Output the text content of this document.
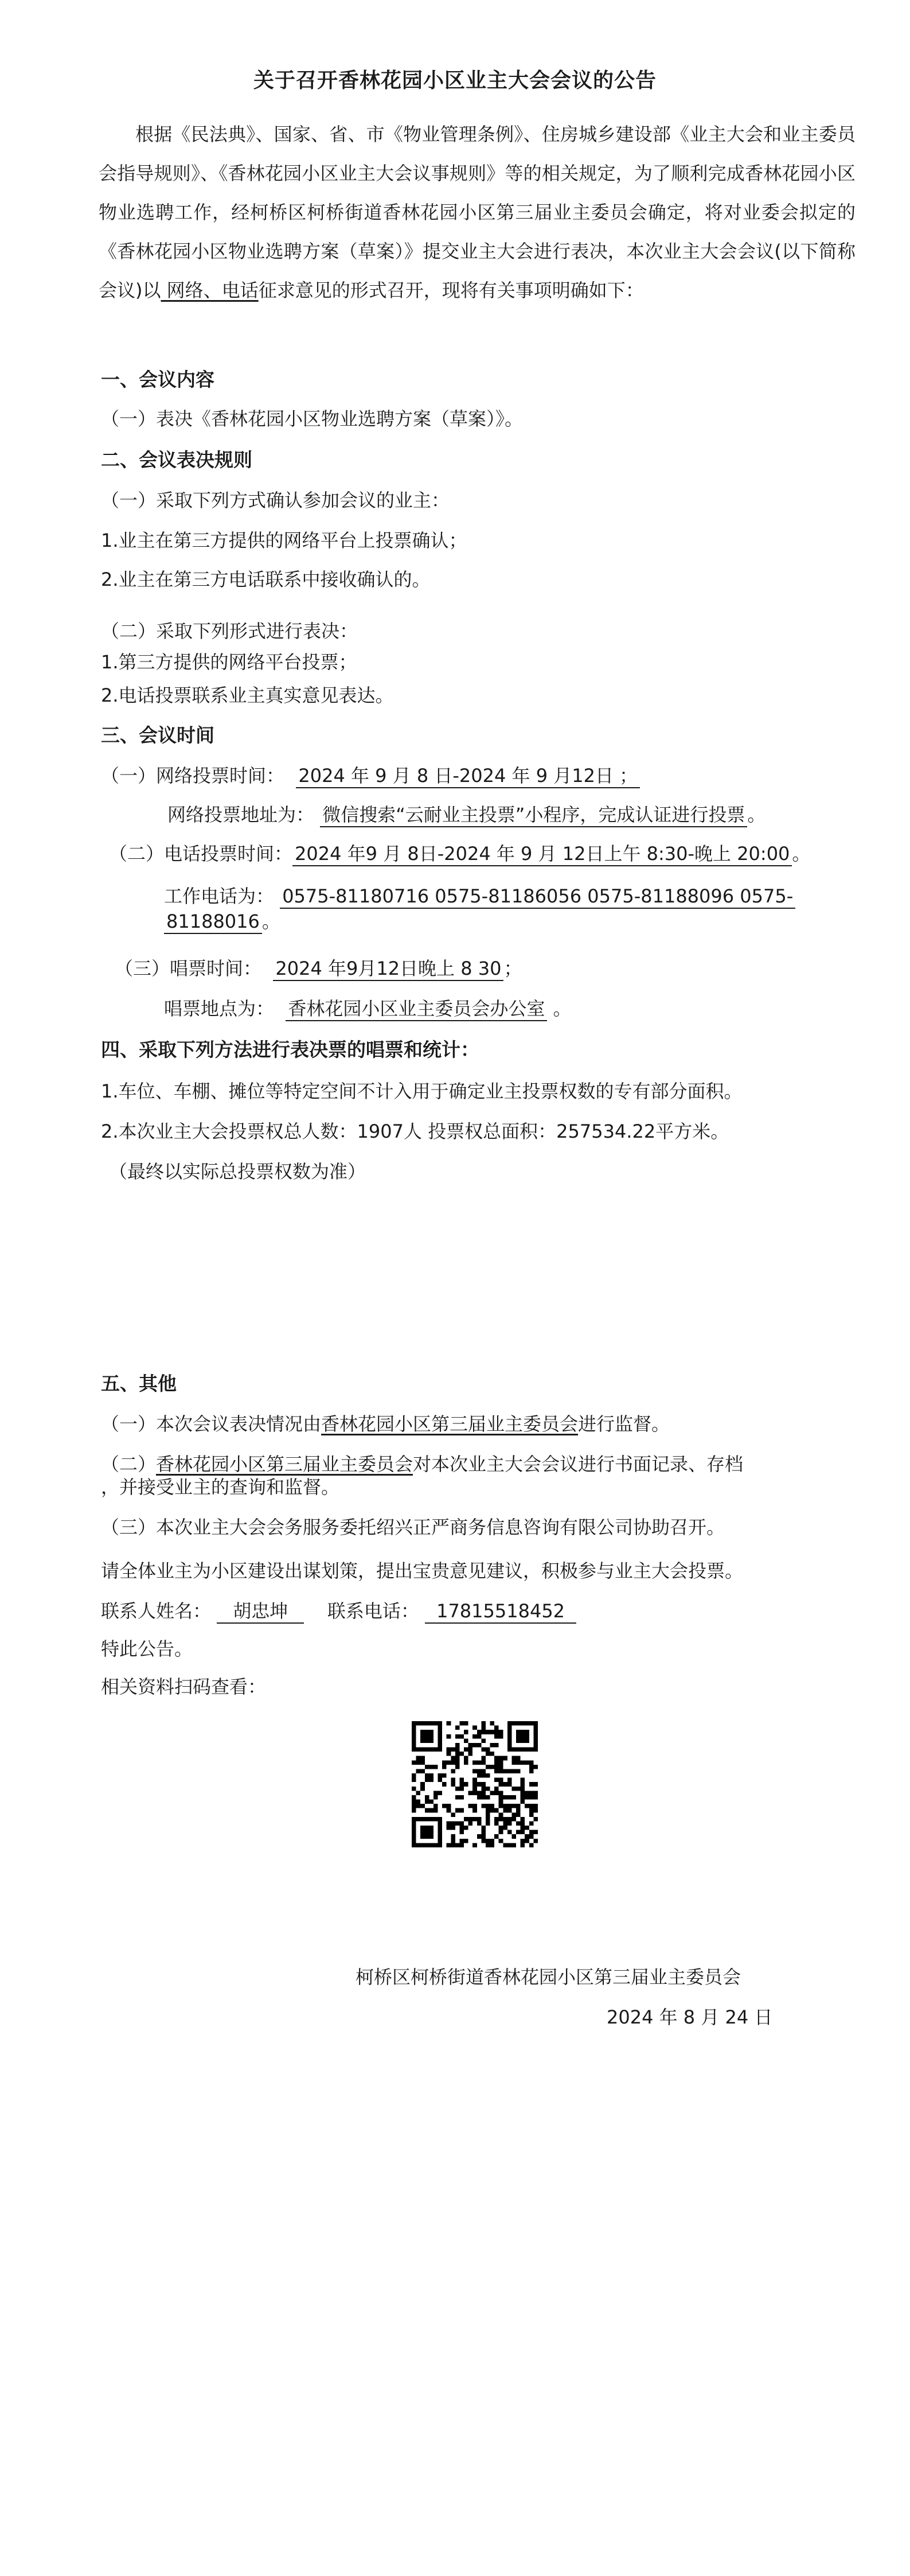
关于召开香林花园小区业主大会会议的公告
根据《民法典》、国家、省、市《物业管理条例》、住房城乡建设部《业主大会和业主委员会指导规则》、《香林花园小区业主大会议事规则》等的相关规定，为了顺利完成香林花园小区物业选聘工作，经柯桥区柯桥街道香林花园小区第三届业主委员会确定，将对业委会拟定的《香林花园小区物业选聘方案（草案）》提交业主大会进行表决，本次业主大会会议(以下简称会议)以 网络、电话征求意见的形式召开，现将有关事项明确如下：
一、会议内容
（一）表决《香林花园小区物业选聘方案（草案）》。
二、会议表决规则
（一）采取下列方式确认参加会议的业主：
1.业主在第三方提供的网络平台上投票确认；
2.业主在第三方电话联系中接收确认的。
（二）采取下列形式进行表决：
1.第三方提供的网络平台投票；
2.电话投票联系业主真实意见表达。
三、会议时间
（一）网络投票时间： 2024 年 9 月 8 日-2024 年 9 月12日 ；
网络投票地址为： 微信搜索“云耐业主投票”小程序，完成认证进行投票 。
（二）电话投票时间： 2024 年9 月 8日-2024 年 9 月 12日上午 8:30-晚上 20:00 。
工作电话为： 0575-81180716 0575-81186056 0575-81188096 0575-
81188016 。
（三）唱票时间： 2024 年9月12日晚上 8 30 ；
唱票地点为： 香林花园小区业主委员会办公室 。
四、采取下列方法进行表决票的唱票和统计：
1.车位、车棚、摊位等特定空间不计入用于确定业主投票权数的专有部分面积。
2.本次业主大会投票权总人数：1907人 投票权总面积：257534.22平方米。
（最终以实际总投票权数为准）
五、其他
（一）本次会议表决情况由香林花园小区第三届业主委员会进行监督。
（二）香林花园小区第三届业主委员会对本次业主大会会议进行书面记录、存档
，并接受业主的查询和监督。
（三）本次业主大会会务服务委托绍兴正严商务信息咨询有限公司协助召开。
请全体业主为小区建设出谋划策，提出宝贵意见建议，积极参与业主大会投票。
联系人姓名： 胡忠坤 联系电话： 17815518452
特此公告。
相关资料扫码查看：
柯桥区柯桥街道香林花园小区第三届业主委员会
2024 年 8 月 24 日
